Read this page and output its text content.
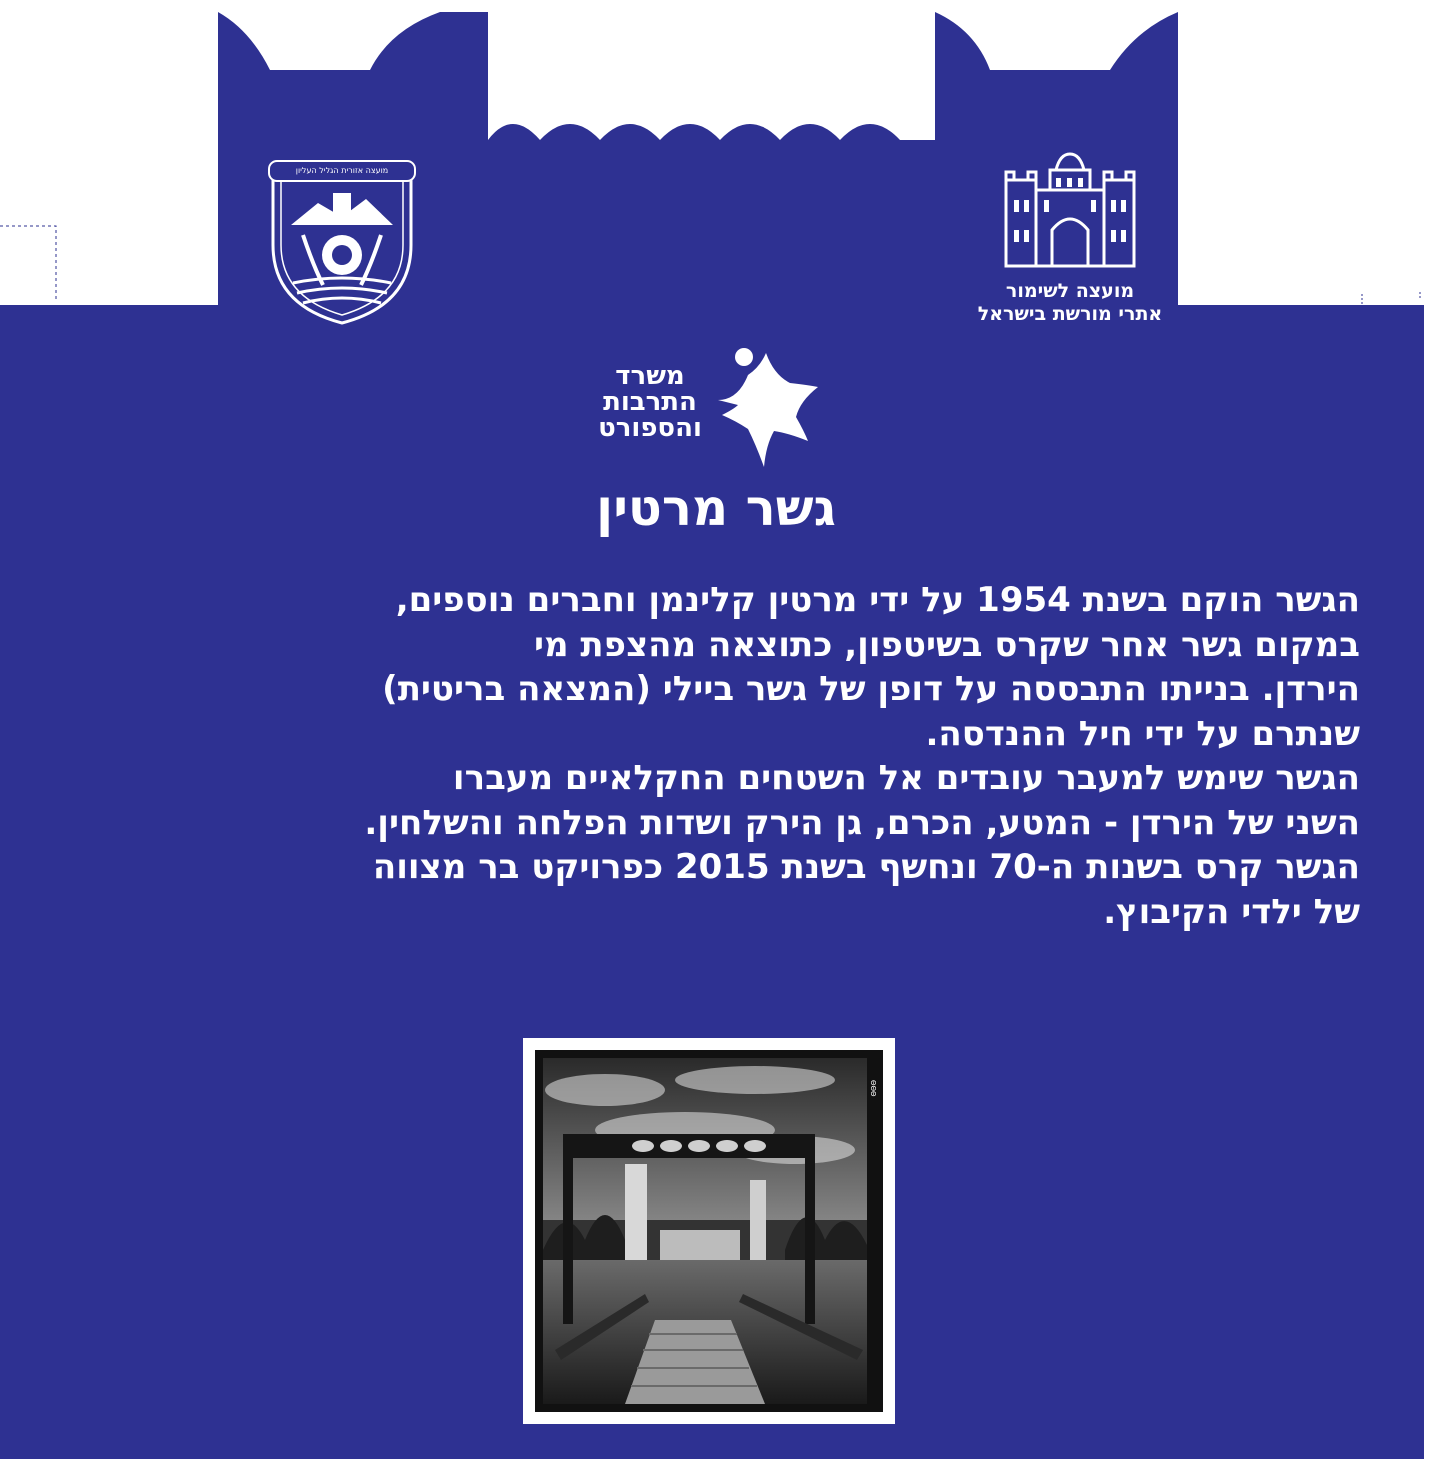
מועצה אזורית הגליל העליון
מועצה לשימור
אתרי מורשת בישראל
משרד
התרבות
והספורט
גשר מרטין
הגשר הוקם בשנת 1954 על ידי מרטין קלינמן וחברים נוספים,
במקום גשר אחר שקרס בשיטפון, כתוצאה מהצפת מי
הירדן. בנייתו התבססה על דופן של גשר ביילי (המצאה בריטית)
שנתרם על ידי חיל ההנדסה.
הגשר שימש למעבר עובדים אל השטחים החקלאיים מעברו
השני של הירדן - המטע, הכרם, גן הירק ושדות הפלחה והשלחין.
הגשר קרס בשנות ה-70 ונחשף בשנת 2015 כפרויקט בר מצווה
של ילדי הקיבוץ.
ΘΘΘ
